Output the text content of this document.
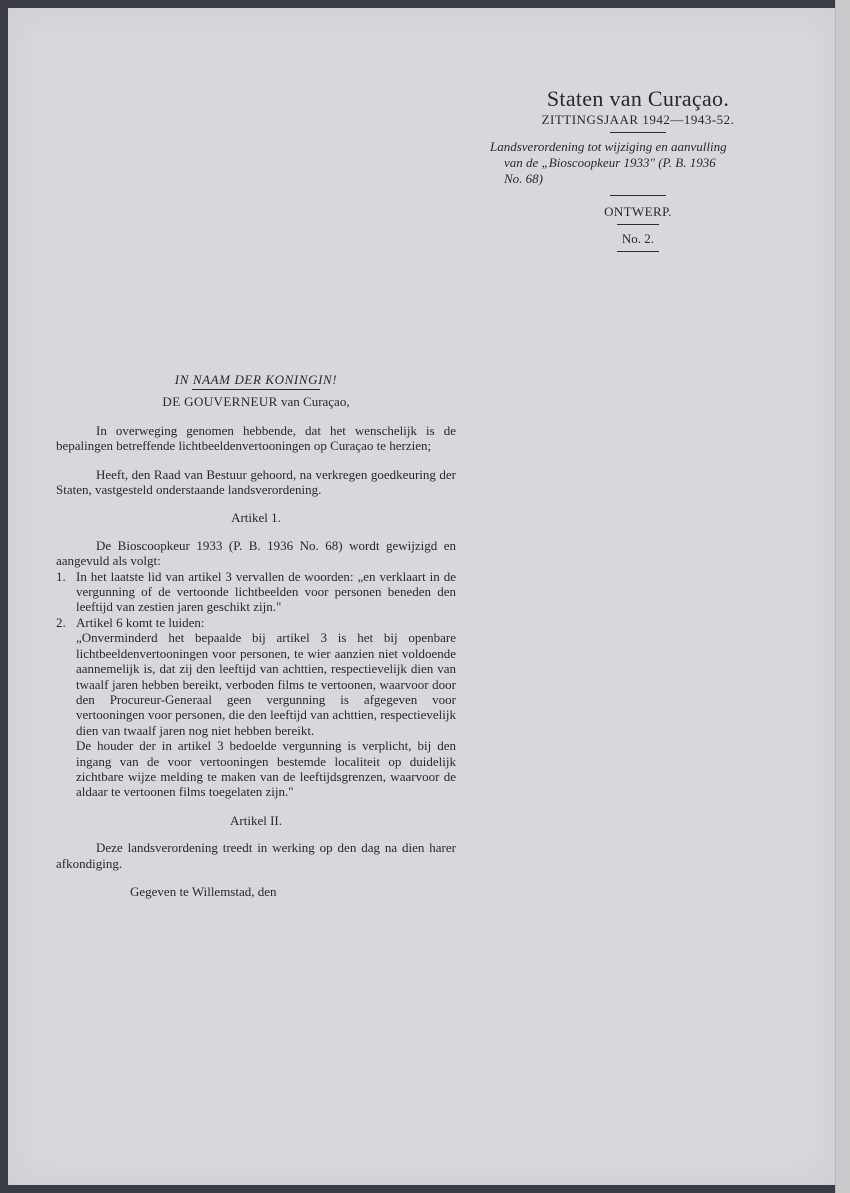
Staten van Curaçao.
ZITTINGSJAAR 1942—1943-52.
Landsverordening tot wijziging en aanvulling
van de „Bioscoopkeur 1933" (P. B. 1936
No. 68)
ONTWERP.
No. 2.
IN NAAM DER KONINGIN!
DE GOUVERNEUR van Curaçao,

In overweging genomen hebbende, dat het wenschelijk is de bepalingen betreffende lichtbeeldenvertooningen op Curaçao te herzien;

Heeft, den Raad van Bestuur gehoord, na verkregen goedkeuring der Staten, vastgesteld onderstaande landsverordening.

Artikel 1.

De Bioscoopkeur 1933 (P. B. 1936 No. 68) wordt gewijzigd en aangevuld als volgt:

1. In het laatste lid van artikel 3 vervallen de woorden: „en verklaart in de vergunning of de vertoonde lichtbeelden voor personen beneden den leeftijd van zestien jaren geschikt zijn."
2. Artikel 6 komt te luiden:
„Onverminderd het bepaalde bij artikel 3 is het bij openbare lichtbeeldenvertooningen voor personen, te wier aanzien niet voldoende aannemelijk is, dat zij den leeftijd van achttien, respectievelijk dien van twaalf jaren hebben bereikt, verboden films te vertoonen, waarvoor door den Procureur-Generaal geen vergunning is afgegeven voor vertooningen voor personen, die den leeftijd van achttien, respectievelijk dien van twaalf jaren nog niet hebben bereikt.
De houder der in artikel 3 bedoelde vergunning is verplicht, bij den ingang van de voor vertooningen bestemde localiteit op duidelijk zichtbare wijze melding te maken van de leeftijdsgrenzen, waarvoor de aldaar te vertoonen films toegelaten zijn."
Artikel II.

Deze landsverordening treedt in werking op den dag na dien harer afkondiging.

Gegeven te Willemstad, den
